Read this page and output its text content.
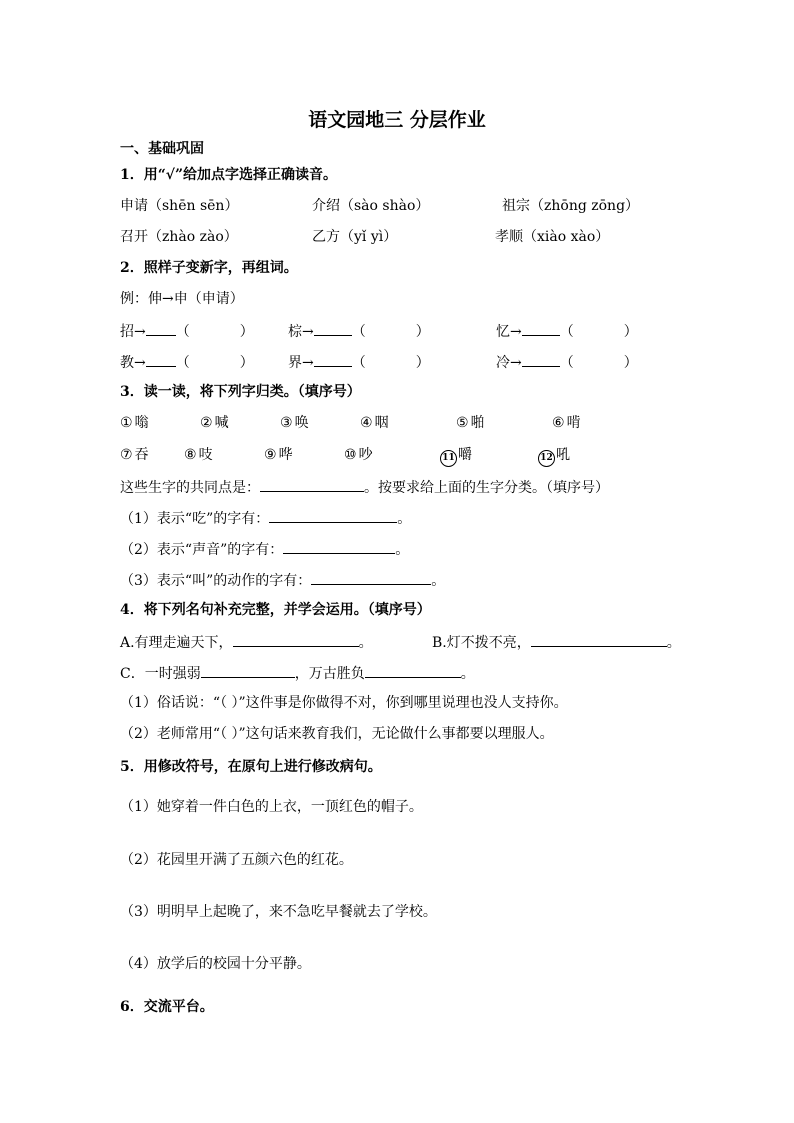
语文园地三 分层作业
一、基础巩固
1．用“√”给加点字选择正确读音。
申请（shēn sēn）	介绍（sào shào）	祖宗（zhōng zōng）
召开（zhào zào）	乙方（yǐ yì）	孝顺（xiào xào）
2．照样子变新字，再组词。
例：伸→申（申请）
招→ （	） 棕→	（	）	忆→	（	）
教→ （	） 界→	（	）	冷→	（	）
3．读一读，将下列字归类。（填序号）
① 嗡	② 喊	③ 唤	④ 咽	⑤ 啪	⑥ 啃
⑦ 吞	⑧ 吱	⑨ 哗	⑩ 吵	11 嚼	12 吼
这些生字的共同点是：	。按要求给上面的生字分类。（填序号）
（1）表示“吃”的字有：	。
（2）表示“声音”的字有：	。
（3）表示“叫”的动作的字有：	。
4．将下列名句补充完整，并学会运用。（填序号）
A.有理走遍天下，	。	B.灯不拨不亮，	。
C．一时强弱	，万古胜负	。
（1）俗话说：“（ ）”这件事是你做得不对，你到哪里说理也没人支持你。
（2）老师常用“（ ）”这句话来教育我们，无论做什么事都要以理服人。
5．用修改符号，在原句上进行修改病句。
（1）她穿着一件白色的上衣，一顶红色的帽子。
（2）花园里开满了五颜六色的红花。
（3）明明早上起晚了，来不急吃早餐就去了学校。
（4）放学后的校园十分平静。
6．交流平台。
